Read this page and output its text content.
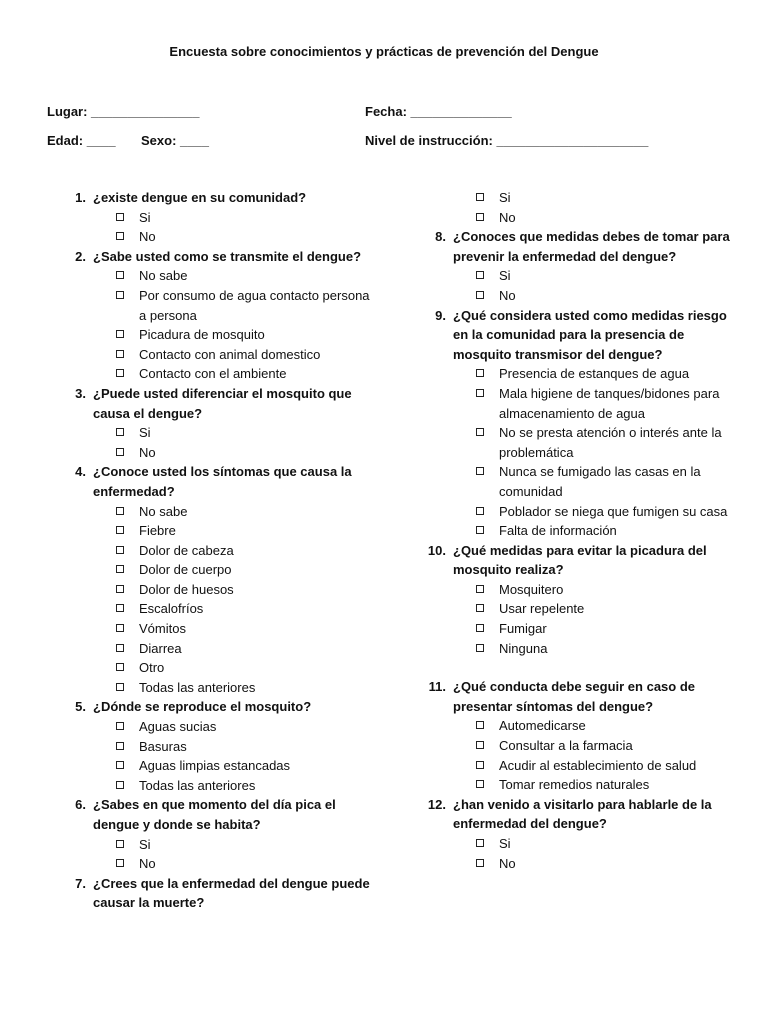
Encuesta sobre conocimientos y prácticas de prevención del Dengue
Lugar: _______________	Fecha: ______________
Edad: ____ Sexo: ____	Nivel de instrucción: _____________________
1. ¿existe dengue en su comunidad?
Si
No
2. ¿Sabe usted como se transmite el dengue?
No sabe
Por consumo de agua contacto persona a persona
Picadura de mosquito
Contacto con animal domestico
Contacto con el ambiente
3. ¿Puede usted diferenciar el mosquito que causa el dengue?
Si
No
4. ¿Conoce usted los síntomas que causa la enfermedad?
No sabe
Fiebre
Dolor de cabeza
Dolor de cuerpo
Dolor de huesos
Escalofríos
Vómitos
Diarrea
Otro
Todas las anteriores
5. ¿Dónde se reproduce el mosquito?
Aguas sucias
Basuras
Aguas limpias estancadas
Todas las anteriores
6. ¿Sabes en que momento del día pica el dengue y donde se habita?
Si
No
7. ¿Crees que la enfermedad del dengue puede causar la muerte?
Si
No
8. ¿Conoces que medidas debes de tomar para prevenir la enfermedad del dengue?
Si
No
9. ¿Qué considera usted como medidas riesgo en la comunidad para la presencia de mosquito transmisor del dengue?
Presencia de estanques de agua
Mala higiene de tanques/bidones para almacenamiento de agua
No se presta atención o interés ante la problemática
Nunca se fumigado las casas en la comunidad
Poblador se niega que fumigen su casa
Falta de información
10. ¿Qué medidas para evitar la picadura del mosquito realiza?
Mosquitero
Usar repelente
Fumigar
Ninguna
11. ¿Qué conducta debe seguir en caso de presentar síntomas del dengue?
Automedicarse
Consultar a la farmacia
Acudir al establecimiento de salud
Tomar remedios naturales
12. ¿han venido a visitarlo para hablarle de la enfermedad del dengue?
Si
No
